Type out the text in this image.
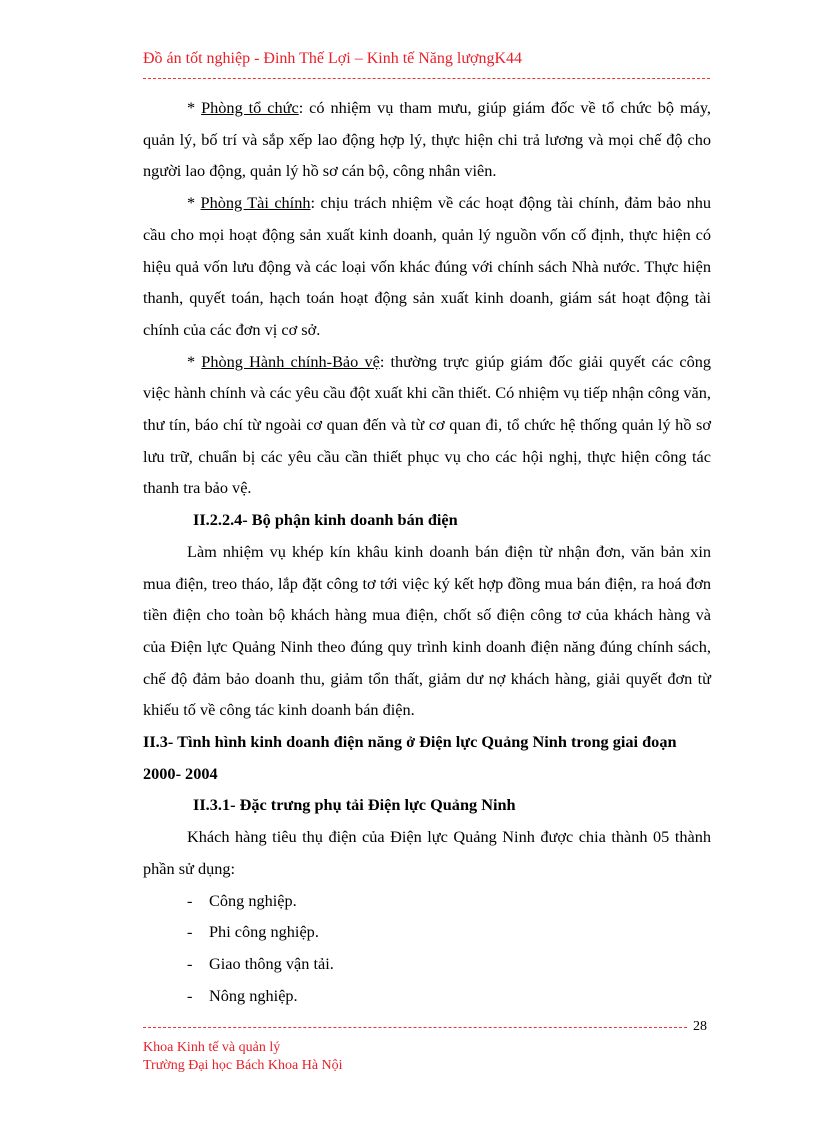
Đồ án tốt nghiệp - Đinh Thế Lợi – Kinh tế Năng lượngK44

* Phòng tổ chức: có nhiệm vụ tham mưu, giúp giám đốc về tổ chức bộ máy, quản lý, bố trí và sắp xếp lao động hợp lý, thực hiện chi trả lương và mọi chế độ cho người lao động, quản lý hồ sơ cán bộ, công nhân viên.

* Phòng Tài chính: chịu trách nhiệm về các hoạt động tài chính, đảm bảo nhu cầu cho mọi hoạt động sản xuất kinh doanh, quản lý nguồn vốn cố định, thực hiện có hiệu quả vốn lưu động và các loại vốn khác đúng với chính sách Nhà nước. Thực hiện thanh, quyết toán, hạch toán hoạt động sản xuất kinh doanh, giám sát hoạt động tài chính của các đơn vị cơ sở.

* Phòng Hành chính-Bảo vệ: thường trực giúp giám đốc giải quyết các công việc hành chính và các yêu cầu đột xuất khi cần thiết. Có nhiệm vụ tiếp nhận công văn, thư tín, báo chí từ ngoài cơ quan đến và từ cơ quan đi, tổ chức hệ thống quản lý hồ sơ lưu trữ, chuẩn bị các yêu cầu cần thiết phục vụ cho các hội nghị, thực hiện công tác thanh tra bảo vệ.

II.2.2.4- Bộ phận kinh doanh bán điện

Làm nhiệm vụ khép kín khâu kinh doanh bán điện từ nhận đơn, văn bản xin mua điện, treo tháo, lắp đặt công tơ tới việc ký kết hợp đồng mua bán điện, ra hoá đơn tiền điện cho toàn bộ khách hàng mua điện, chốt số điện công tơ của khách hàng và của Điện lực Quảng Ninh theo đúng quy trình kinh doanh điện năng đúng chính sách, chế độ đảm bảo doanh thu, giảm tổn thất, giảm dư nợ khách hàng, giải quyết đơn từ khiếu tố về công tác kinh doanh bán điện.

II.3- Tình hình kinh doanh điện năng ở Điện lực Quảng Ninh trong giai đoạn 2000- 2004

II.3.1- Đặc trưng phụ tải Điện lực Quảng Ninh

Khách hàng tiêu thụ điện của Điện lực Quảng Ninh được chia thành 05 thành phần sử dụng:

- Công nghiệp.

- Phi công nghiệp.

- Giao thông vận tải.

- Nông nghiệp.

28
Khoa Kinh tế và quản lý
Trường Đại học Bách Khoa Hà Nội
